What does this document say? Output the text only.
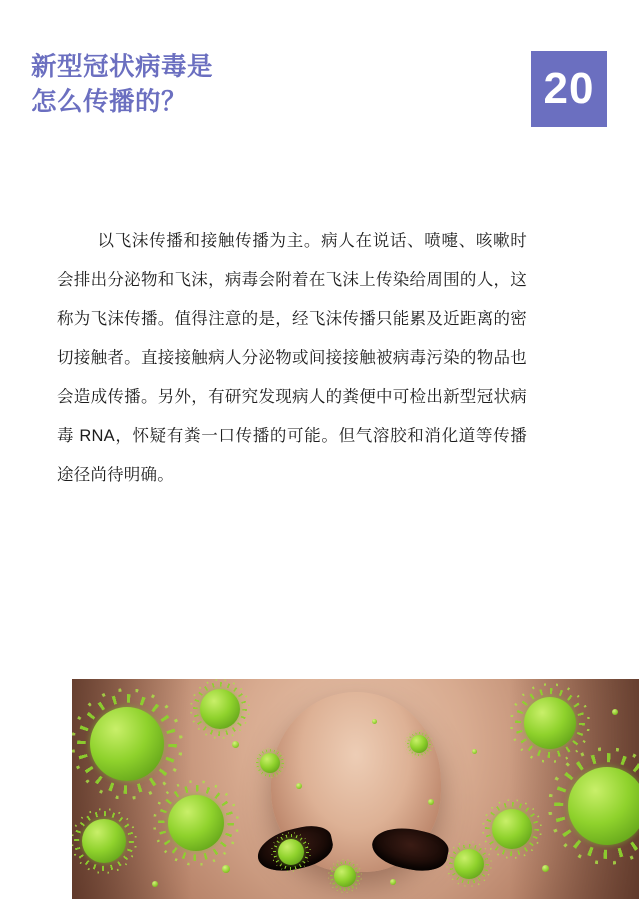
新型冠状病毒是
怎么传播的？	20
以飞沫传播和接触传播为主。病人在说话、喷嚏、咳嗽时会排出分泌物和飞沫，病毒会附着在飞沫上传染给周围的人，这称为飞沫传播。值得注意的是，经飞沫传播只能累及近距离的密切接触者。直接接触病人分泌物或间接接触被病毒污染的物品也会造成传播。另外，有研究发现病人的粪便中可检出新型冠状病毒 RNA，怀疑有粪一口传播的可能。但气溶胶和消化道等传播途径尚待明确。
